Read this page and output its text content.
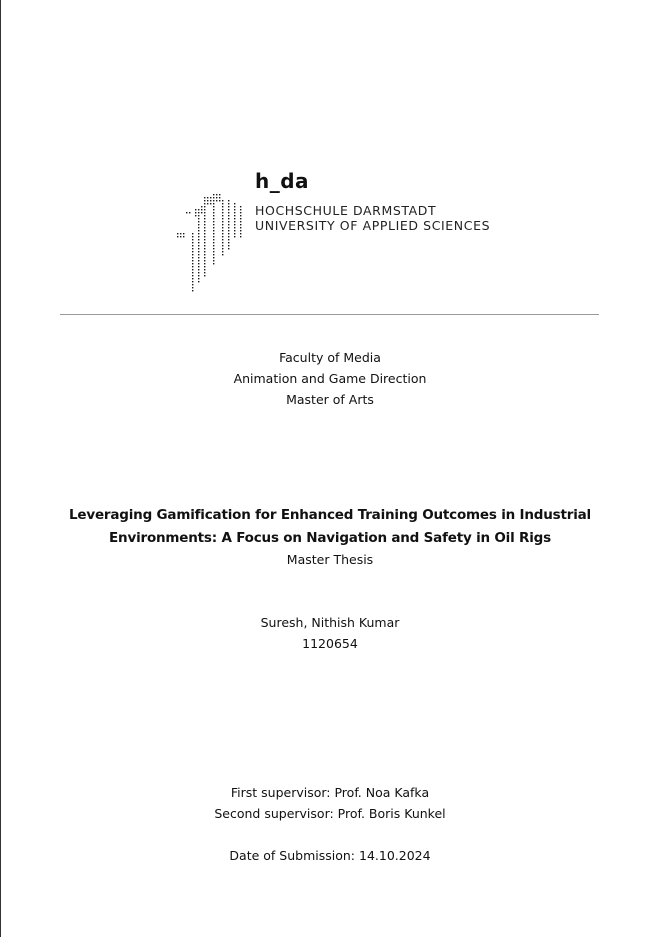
h_da
HOCHSCHULE DARMSTADT
UNIVERSITY OF APPLIED SCIENCES
Faculty of Media
Animation and Game Direction
Master of Arts
Leveraging Gamification for Enhanced Training Outcomes in Industrial
Environments: A Focus on Navigation and Safety in Oil Rigs
Master Thesis
Suresh, Nithish Kumar
1120654
First supervisor: Prof. Noa Kafka
Second supervisor: Prof. Boris Kunkel
Date of Submission: 14.10.2024
